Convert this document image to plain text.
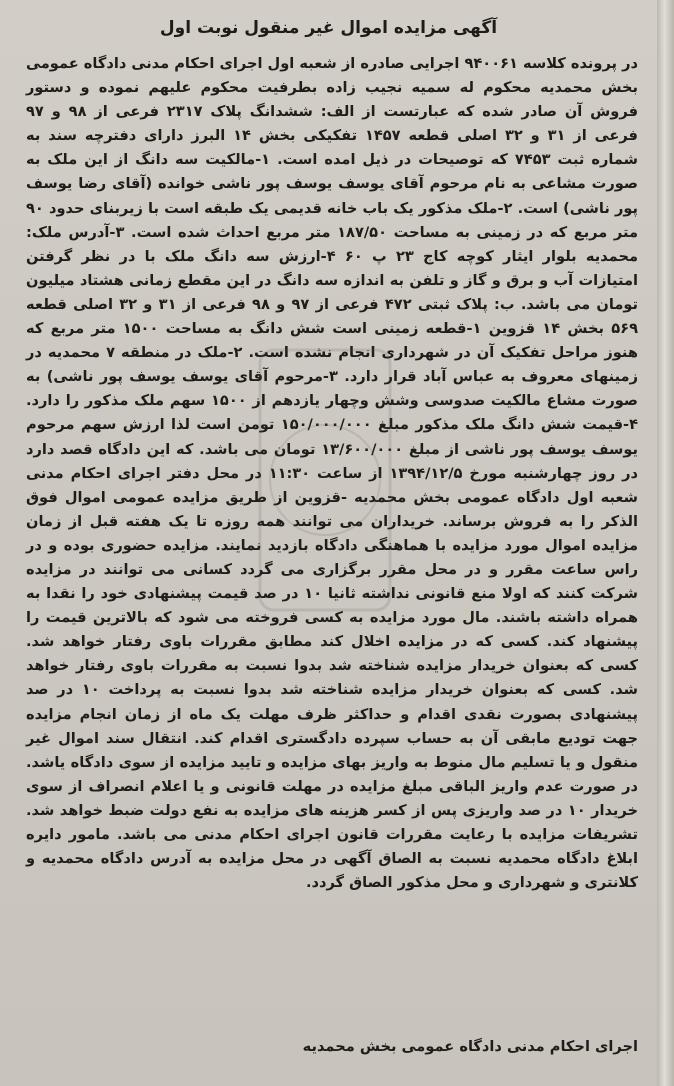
آگهی مزایده اموال غیر منقول نوبت اول
در پرونده کلاسه ۹۴۰۰۶۱ اجرایی صادره از شعبه اول اجرای احکام مدنی دادگاه عمومی بخش محمدیه محکوم له سمیه نجیب زاده بطرفیت محکوم علیهم نموده و دستور فروش آن صادر شده که عبارتست از الف: ششدانگ پلاک ۲۳۱۷ فرعی از ۹۸ و ۹۷ فرعی از ۳۱ و ۳۲ اصلی قطعه ۱۴۵۷ تفکیکی بخش ۱۴ البرز دارای دفترچه سند به شماره ثبت ۷۴۵۳ که توصیحات در ذیل امده است. ۱-مالکیت سه دانگ از این ملک به صورت مشاعی به نام مرحوم آقای یوسف یوسف پور ناشی خوانده (آقای رضا یوسف پور ناشی) است. ۲-ملک مذکور یک باب خانه قدیمی یک طبقه است با زیربنای حدود ۹۰ متر مربع که در زمینی به مساحت ۱۸۷/۵۰ متر مربع احداث شده است. ۳-آدرس ملک: محمدیه بلوار ایثار کوچه کاج ۲۳ پ ۶۰ ۴-ارزش سه دانگ ملک با در نظر گرفتن امتیازات آب و برق و گاز و تلفن به اندازه سه دانگ در این مقطع زمانی هشتاد میلیون تومان می باشد. ب: پلاک ثبتی ۴۷۲ فرعی از ۹۷ و ۹۸ فرعی از ۳۱ و ۳۲ اصلی قطعه ۵۶۹ بخش ۱۴ قزوین ۱-قطعه زمینی است شش دانگ به مساحت ۱۵۰۰ متر مربع که هنوز مراحل تفکیک آن در شهرداری انجام نشده است. ۲-ملک در منطقه ۷ محمدیه در زمینهای معروف به عباس آباد قرار دارد. ۳-مرحوم آقای یوسف یوسف پور ناشی) به صورت مشاع مالکیت صدوسی وشش وچهار یازدهم از ۱۵۰۰ سهم ملک مذکور را دارد. ۴-قیمت شش دانگ ملک مذکور مبلغ ۱۵۰/۰۰۰/۰۰۰ تومن است لذا ارزش سهم مرحوم یوسف یوسف پور ناشی از مبلغ ۱۳/۶۰۰/۰۰۰ تومان می باشد. که این دادگاه قصد دارد در روز چهارشنبه مورخ ۱۳۹۴/۱۲/۵ از ساعت ۱۱:۳۰ در محل دفتر اجرای احکام مدنی شعبه اول دادگاه عمومی بخش محمدیه -قزوین از طریق مزایده عمومی اموال فوق الذکر را به فروش برساند. خریداران می توانند همه روزه تا یک هفته قبل از زمان مزایده اموال مورد مزایده با هماهنگی دادگاه بازدید نمایند. مزایده حضوری بوده و در راس ساعت مقرر و در محل مقرر برگزاری می گردد کسانی می توانند در مزایده شرکت کنند که اولا منع قانونی نداشته ثانیا ۱۰ در صد قیمت پیشنهادی خود را نقدا به همراه داشته باشند. مال مورد مزایده به کسی فروخته می شود که بالاترین قیمت را پیشنهاد کند. کسی که در مزایده اخلال کند مطابق مقررات باوی رفتار خواهد شد. کسی که بعنوان خریدار مزایده شناخته شد بدوا نسبت به مقررات باوی رفتار خواهد شد. کسی که بعنوان خریدار مزایده شناخته شد بدوا نسبت به پرداخت ۱۰ در صد پیشنهادی بصورت نقدی اقدام و حداکثر ظرف مهلت یک ماه از زمان انجام مزایده جهت تودیع مابقی آن به حساب سپرده دادگستری اقدام کند. انتقال سند اموال غیر منقول و یا تسلیم مال منوط به واریز بهای مزایده و تایید مزایده از سوی دادگاه یاشد. در صورت عدم واریز الباقی مبلغ مزایده در مهلت قانونی و یا اعلام انصراف از سوی خریدار ۱۰ در صد واریزی پس از کسر هزینه های مزایده به نفع دولت ضبط خواهد شد. تشریفات مزایده با رعایت مقررات قانون اجرای احکام مدنی می باشد. مامور دایره ابلاغ دادگاه محمدیه نسبت به الصاق آگهی در محل مزایده به آدرس دادگاه محمدیه و کلانتری و شهرداری و محل مذکور الصاق گردد.
اجرای احکام مدنی دادگاه عمومی بخش محمدیه
